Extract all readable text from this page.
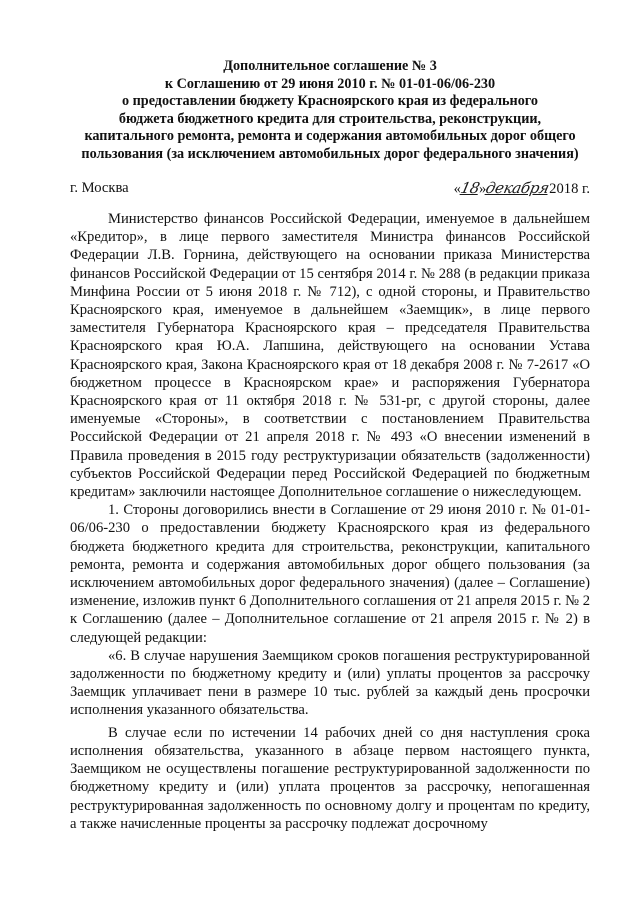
Дополнительное соглашение № 3
к Соглашению от 29 июня 2010 г. № 01-01-06/06-230
о предоставлении бюджету Красноярского края из федерального
бюджета бюджетного кредита для строительства, реконструкции,
капитального ремонта, ремонта и содержания автомобильных дорог общего
пользования (за исключением автомобильных дорог федерального значения)
г. Москва	«18»декабря2018 г.

Министерство финансов Российской Федерации, именуемое в дальнейшем «Кредитор», в лице первого заместителя Министра финансов Российской Федерации Л.В. Горнина, действующего на основании приказа Министерства финансов Российской Федерации от 15 сентября 2014 г. № 288 (в редакции приказа Минфина России от 5 июня 2018 г. № 712), с одной стороны, и Правительство Красноярского края, именуемое в дальнейшем «Заемщик», в лице первого заместителя Губернатора Красноярского края – председателя Правительства Красноярского края Ю.А. Лапшина, действующего на основании Устава Красноярского края, Закона Красноярского края от 18 декабря 2008 г. № 7-2617 «О бюджетном процессе в Красноярском крае» и распоряжения Губернатора Красноярского края от 11 октября 2018 г. № 531-рг, с другой стороны, далее именуемые «Стороны», в соответствии с постановлением Правительства Российской Федерации от 21 апреля 2018 г. № 493 «О внесении изменений в Правила проведения в 2015 году реструктуризации обязательств (задолженности) субъектов Российской Федерации перед Российской Федерацией по бюджетным кредитам» заключили настоящее Дополнительное соглашение о нижеследующем.

1. Стороны договорились внести в Соглашение от 29 июня 2010 г. № 01-01-06/06-230 о предоставлении бюджету Красноярского края из федерального бюджета бюджетного кредита для строительства, реконструкции, капитального ремонта, ремонта и содержания автомобильных дорог общего пользования (за исключением автомобильных дорог федерального значения) (далее – Соглашение) изменение, изложив пункт 6 Дополнительного соглашения от 21 апреля 2015 г. № 2 к Соглашению (далее – Дополнительное соглашение от 21 апреля 2015 г. № 2) в следующей редакции:

«6. В случае нарушения Заемщиком сроков погашения реструктурированной задолженности по бюджетному кредиту и (или) уплаты процентов за рассрочку Заемщик уплачивает пени в размере 10 тыс. рублей за каждый день просрочки исполнения указанного обязательства.

В случае если по истечении 14 рабочих дней со дня наступления срока исполнения обязательства, указанного в абзаце первом настоящего пункта, Заемщиком не осуществлены погашение реструктурированной задолженности по бюджетному кредиту и (или) уплата процентов за рассрочку, непогашенная реструктурированная задолженность по основному долгу и процентам по кредиту, а также начисленные проценты за рассрочку подлежат досрочному
